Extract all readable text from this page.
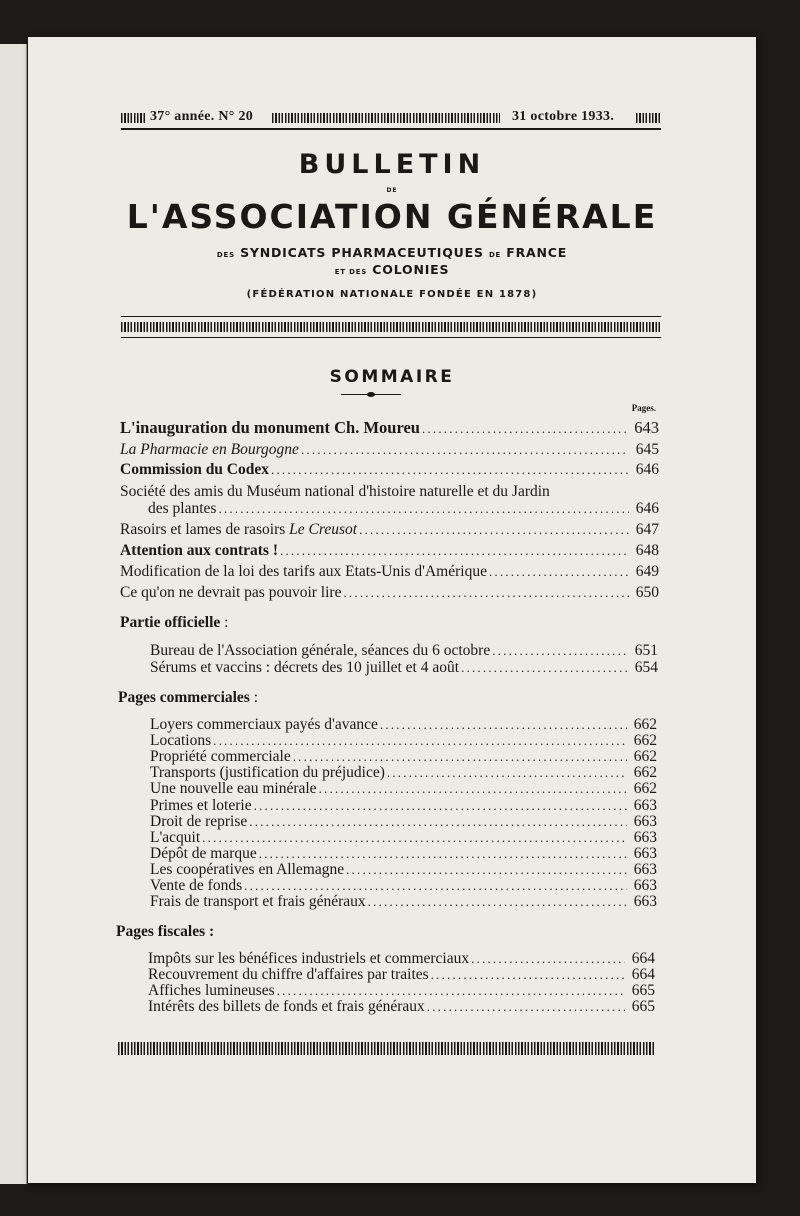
37° année. N° 20	31 octobre 1933.
BULLETIN
DE
L'ASSOCIATION GÉNÉRALE
DES SYNDICATS PHARMACEUTIQUES DE FRANCE
ET DES COLONIES
(FÉDÉRATION NATIONALE FONDÉE EN 1878)
SOMMAIRE
Pages.
L'inauguration du monument Ch. Moureu .....	643
La Pharmacie en Bourgogne .....	645
Commission du Codex .....	646
Société des amis du Muséum national d'histoire naturelle et du Jardin
des plantes .....	646
Rasoirs et lames de rasoirs Le Creusot .....	647
Attention aux contrats ! .....	648
Modification de la loi des tarifs aux Etats-Unis d'Amérique .....	649
Ce qu'on ne devrait pas pouvoir lire .....	650
Partie officielle :
Bureau de l'Association générale, séances du 6 octobre .....	651
Sérums et vaccins : décrets des 10 juillet et 4 août .....	654
Pages commerciales :
Loyers commerciaux payés d'avance .....	662
Locations .....	662
Propriété commerciale .....	662
Transports (justification du préjudice) .....	662
Une nouvelle eau minérale .....	662
Primes et loterie .....	663
Droit de reprise .....	663
L'acquit .....	663
Dépôt de marque .....	663
Les coopératives en Allemagne .....	663
Vente de fonds .....	663
Frais de transport et frais généraux .....	663
Pages fiscales :
Impôts sur les bénéfices industriels et commerciaux .....	664
Recouvrement du chiffre d'affaires par traites .....	664
Affiches lumineuses .....	665
Intérêts des billets de fonds et frais généraux .....	665
